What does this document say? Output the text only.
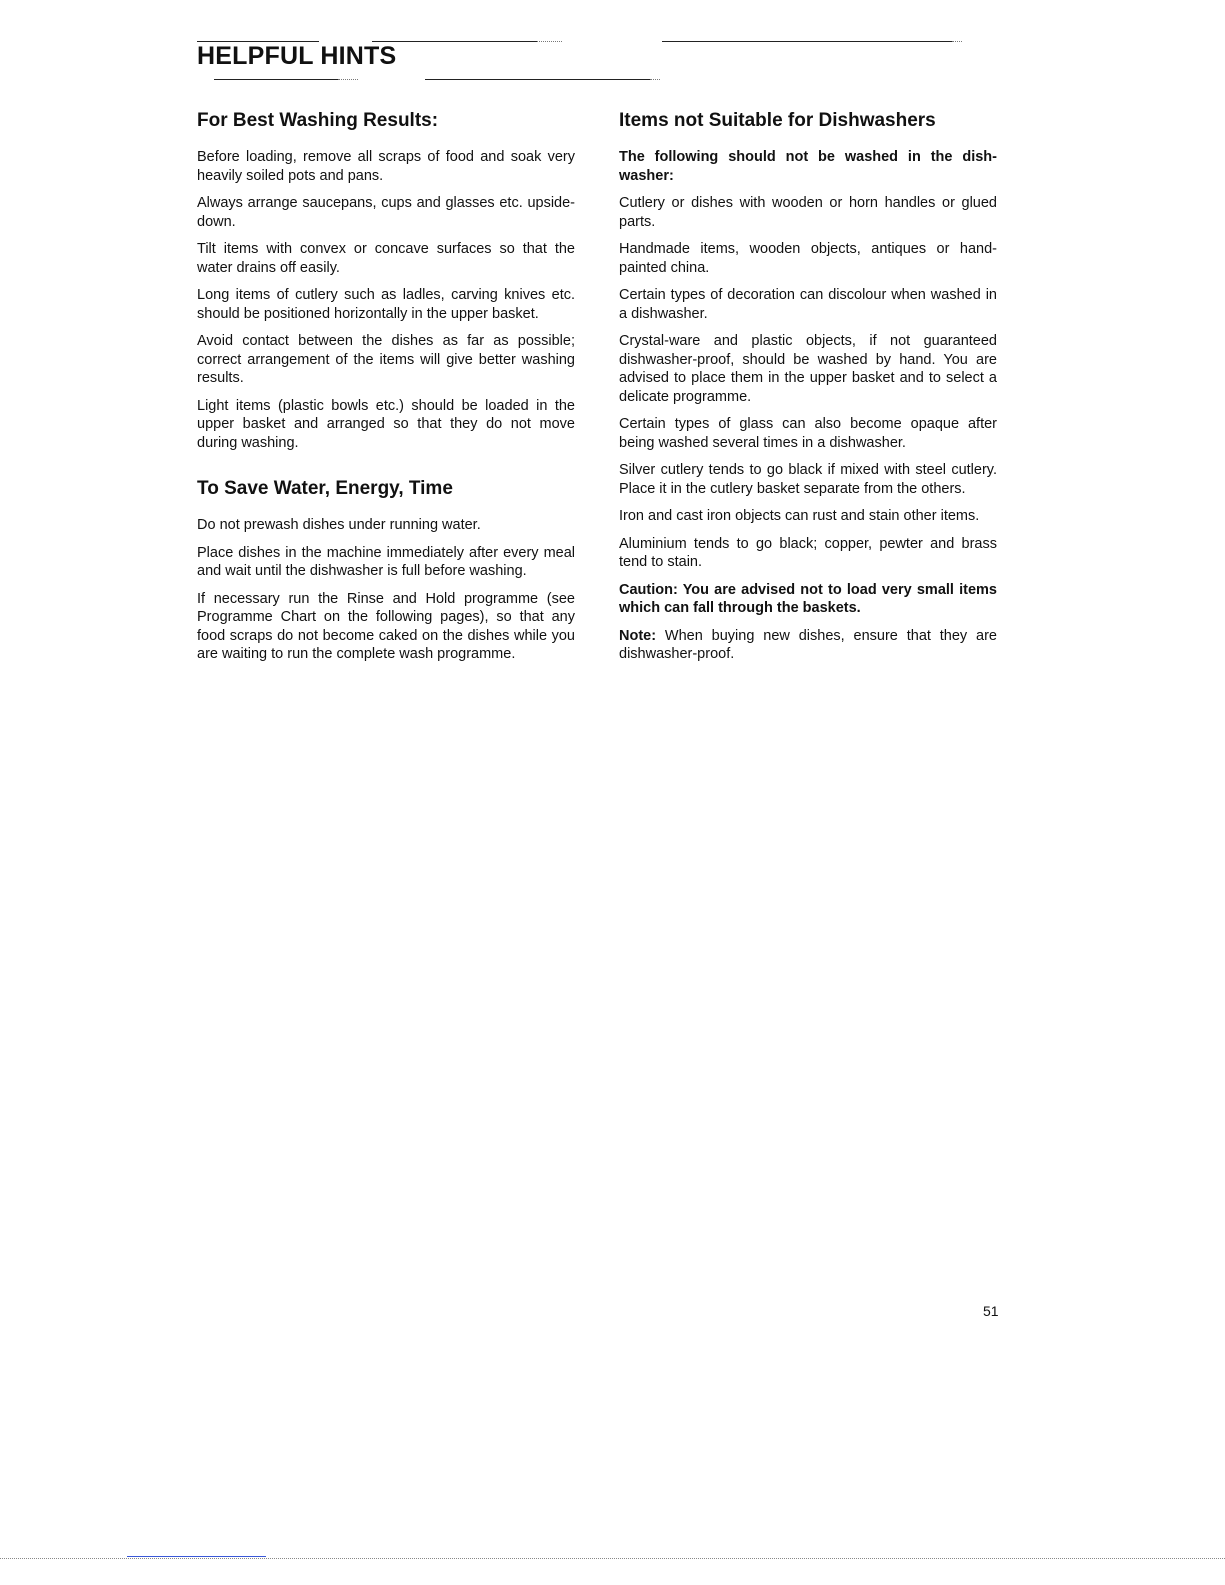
HELPFUL HINTS
For Best Washing Results:

Before loading, remove all scraps of food and soak very heavily soiled pots and pans.

Always arrange saucepans, cups and glasses etc. upside-down.

Tilt items with convex or concave surfaces so that the water drains off easily.

Long items of cutlery such as ladles, carving knives etc. should be positioned horizontally in the upper basket.

Avoid contact between the dishes as far as possible; correct arrangement of the items will give better washing results.

Light items (plastic bowls etc.) should be loaded in the upper basket and arranged so that they do not move during washing.

To Save Water, Energy, Time

Do not prewash dishes under running water.

Place dishes in the machine immediately after every meal and wait until the dishwasher is full before washing.

If necessary run the Rinse and Hold programme (see Programme Chart on the following pages), so that any food scraps do not become caked on the dishes while you are waiting to run the complete wash programme.

Items not Suitable for Dishwashers

The following should not be washed in the dish-washer:

Cutlery or dishes with wooden or horn handles or glued parts.

Handmade items, wooden objects, antiques or hand-painted china.

Certain types of decoration can discolour when washed in a dishwasher.

Crystal-ware and plastic objects, if not guaranteed dishwasher-proof, should be washed by hand. You are advised to place them in the upper basket and to select a delicate programme.

Certain types of glass can also become opaque after being washed several times in a dishwasher.

Silver cutlery tends to go black if mixed with steel cutlery. Place it in the cutlery basket separate from the others.

Iron and cast iron objects can rust and stain other items.

Aluminium tends to go black; copper, pewter and brass tend to stain.

Caution: You are advised not to load very small items which can fall through the baskets.

Note: When buying new dishes, ensure that they are dishwasher-proof.

51
